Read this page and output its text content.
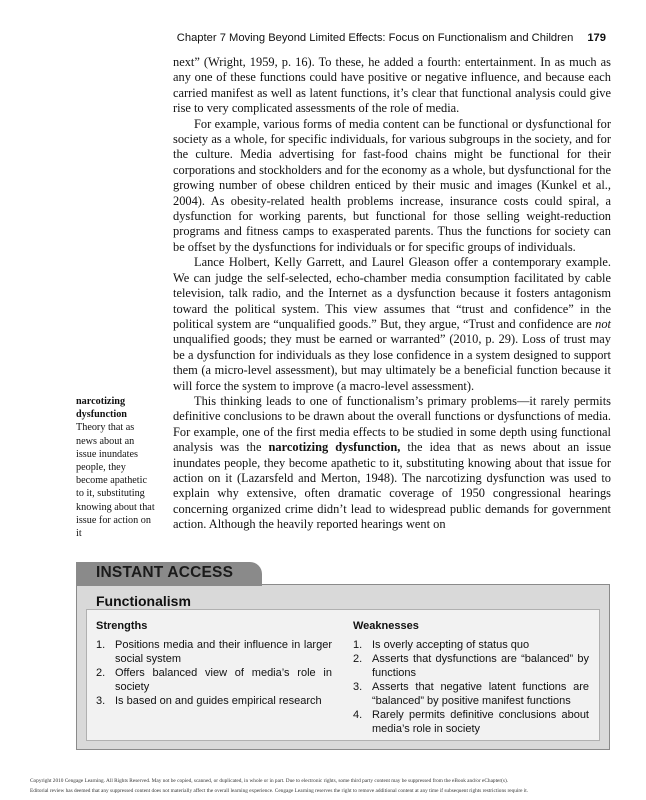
Chapter 7 Moving Beyond Limited Effects: Focus on Functionalism and Children 179

next” (Wright, 1959, p. 16). To these, he added a fourth: entertainment. In as much as any one of these functions could have positive or negative influence, and because each carried manifest as well as latent functions, it’s clear that functional analysis could give rise to very complicated assessments of the role of media.

For example, various forms of media content can be functional or dysfunctional for society as a whole, for specific individuals, for various subgroups in the society, and for the culture. Media advertising for fast-food chains might be functional for their corporations and stockholders and for the economy as a whole, but dysfunctional for the growing number of obese children enticed by their music and images (Kunkel et al., 2004). As obesity-related health problems increase, insurance costs could spiral, a dysfunction for working parents, but functional for those selling weight-reduction programs and fitness camps to exasperated parents. Thus the functions for society can be offset by the dysfunctions for individuals or for specific groups of individuals.

Lance Holbert, Kelly Garrett, and Laurel Gleason offer a contemporary example. We can judge the self-selected, echo-chamber media consumption facilitated by cable television, talk radio, and the Internet as a dysfunction because it fosters antagonism toward the political system. This view assumes that “trust and confidence” in the political system are “unqualified goods.” But, they argue, “Trust and confidence are not unqualified goods; they must be earned or warranted” (2010, p. 29). Loss of trust may be a dysfunction for individuals as they lose confidence in a system designed to support them (a micro-level assessment), but may ultimately be a beneficial function because it will force the system to improve (a macro-level assessment).

This thinking leads to one of functionalism’s primary problems—it rarely permits definitive conclusions to be drawn about the overall functions or dysfunctions of media. For example, one of the first media effects to be studied in some depth using functional analysis was the narcotizing dysfunction, the idea that as news about an issue inundates people, they become apathetic to it, substituting knowing about that issue for action on it (Lazarsfeld and Merton, 1948). The narcotizing dysfunction was used to explain why extensive, often dramatic coverage of 1950 congressional hearings concerning organized crime didn’t lead to widespread public demands for government action. Although the heavily reported hearings went on

narcotizing dysfunction
Theory that as news about an issue inundates people, they become apathetic to it, substituting knowing about that issue for action on it
INSTANT ACCESS
Functionalism
Strengths	Weaknesses
1. Positions media and their influence in larger social system
2. Offers balanced view of media’s role in society
3. Is based on and guides empirical research
1. Is overly accepting of status quo
2. Asserts that dysfunctions are “balanced” by functions
3. Asserts that negative latent functions are “balanced” by positive manifest functions
4. Rarely permits definitive conclusions about media’s role in society
Copyright 2010 Cengage Learning. All Rights Reserved. May not be copied, scanned, or duplicated, in whole or in part. Due to electronic rights, some third party content may be suppressed from the eBook and/or eChapter(s).
Editorial review has deemed that any suppressed content does not materially affect the overall learning experience. Cengage Learning reserves the right to remove additional content at any time if subsequent rights restrictions require it.
